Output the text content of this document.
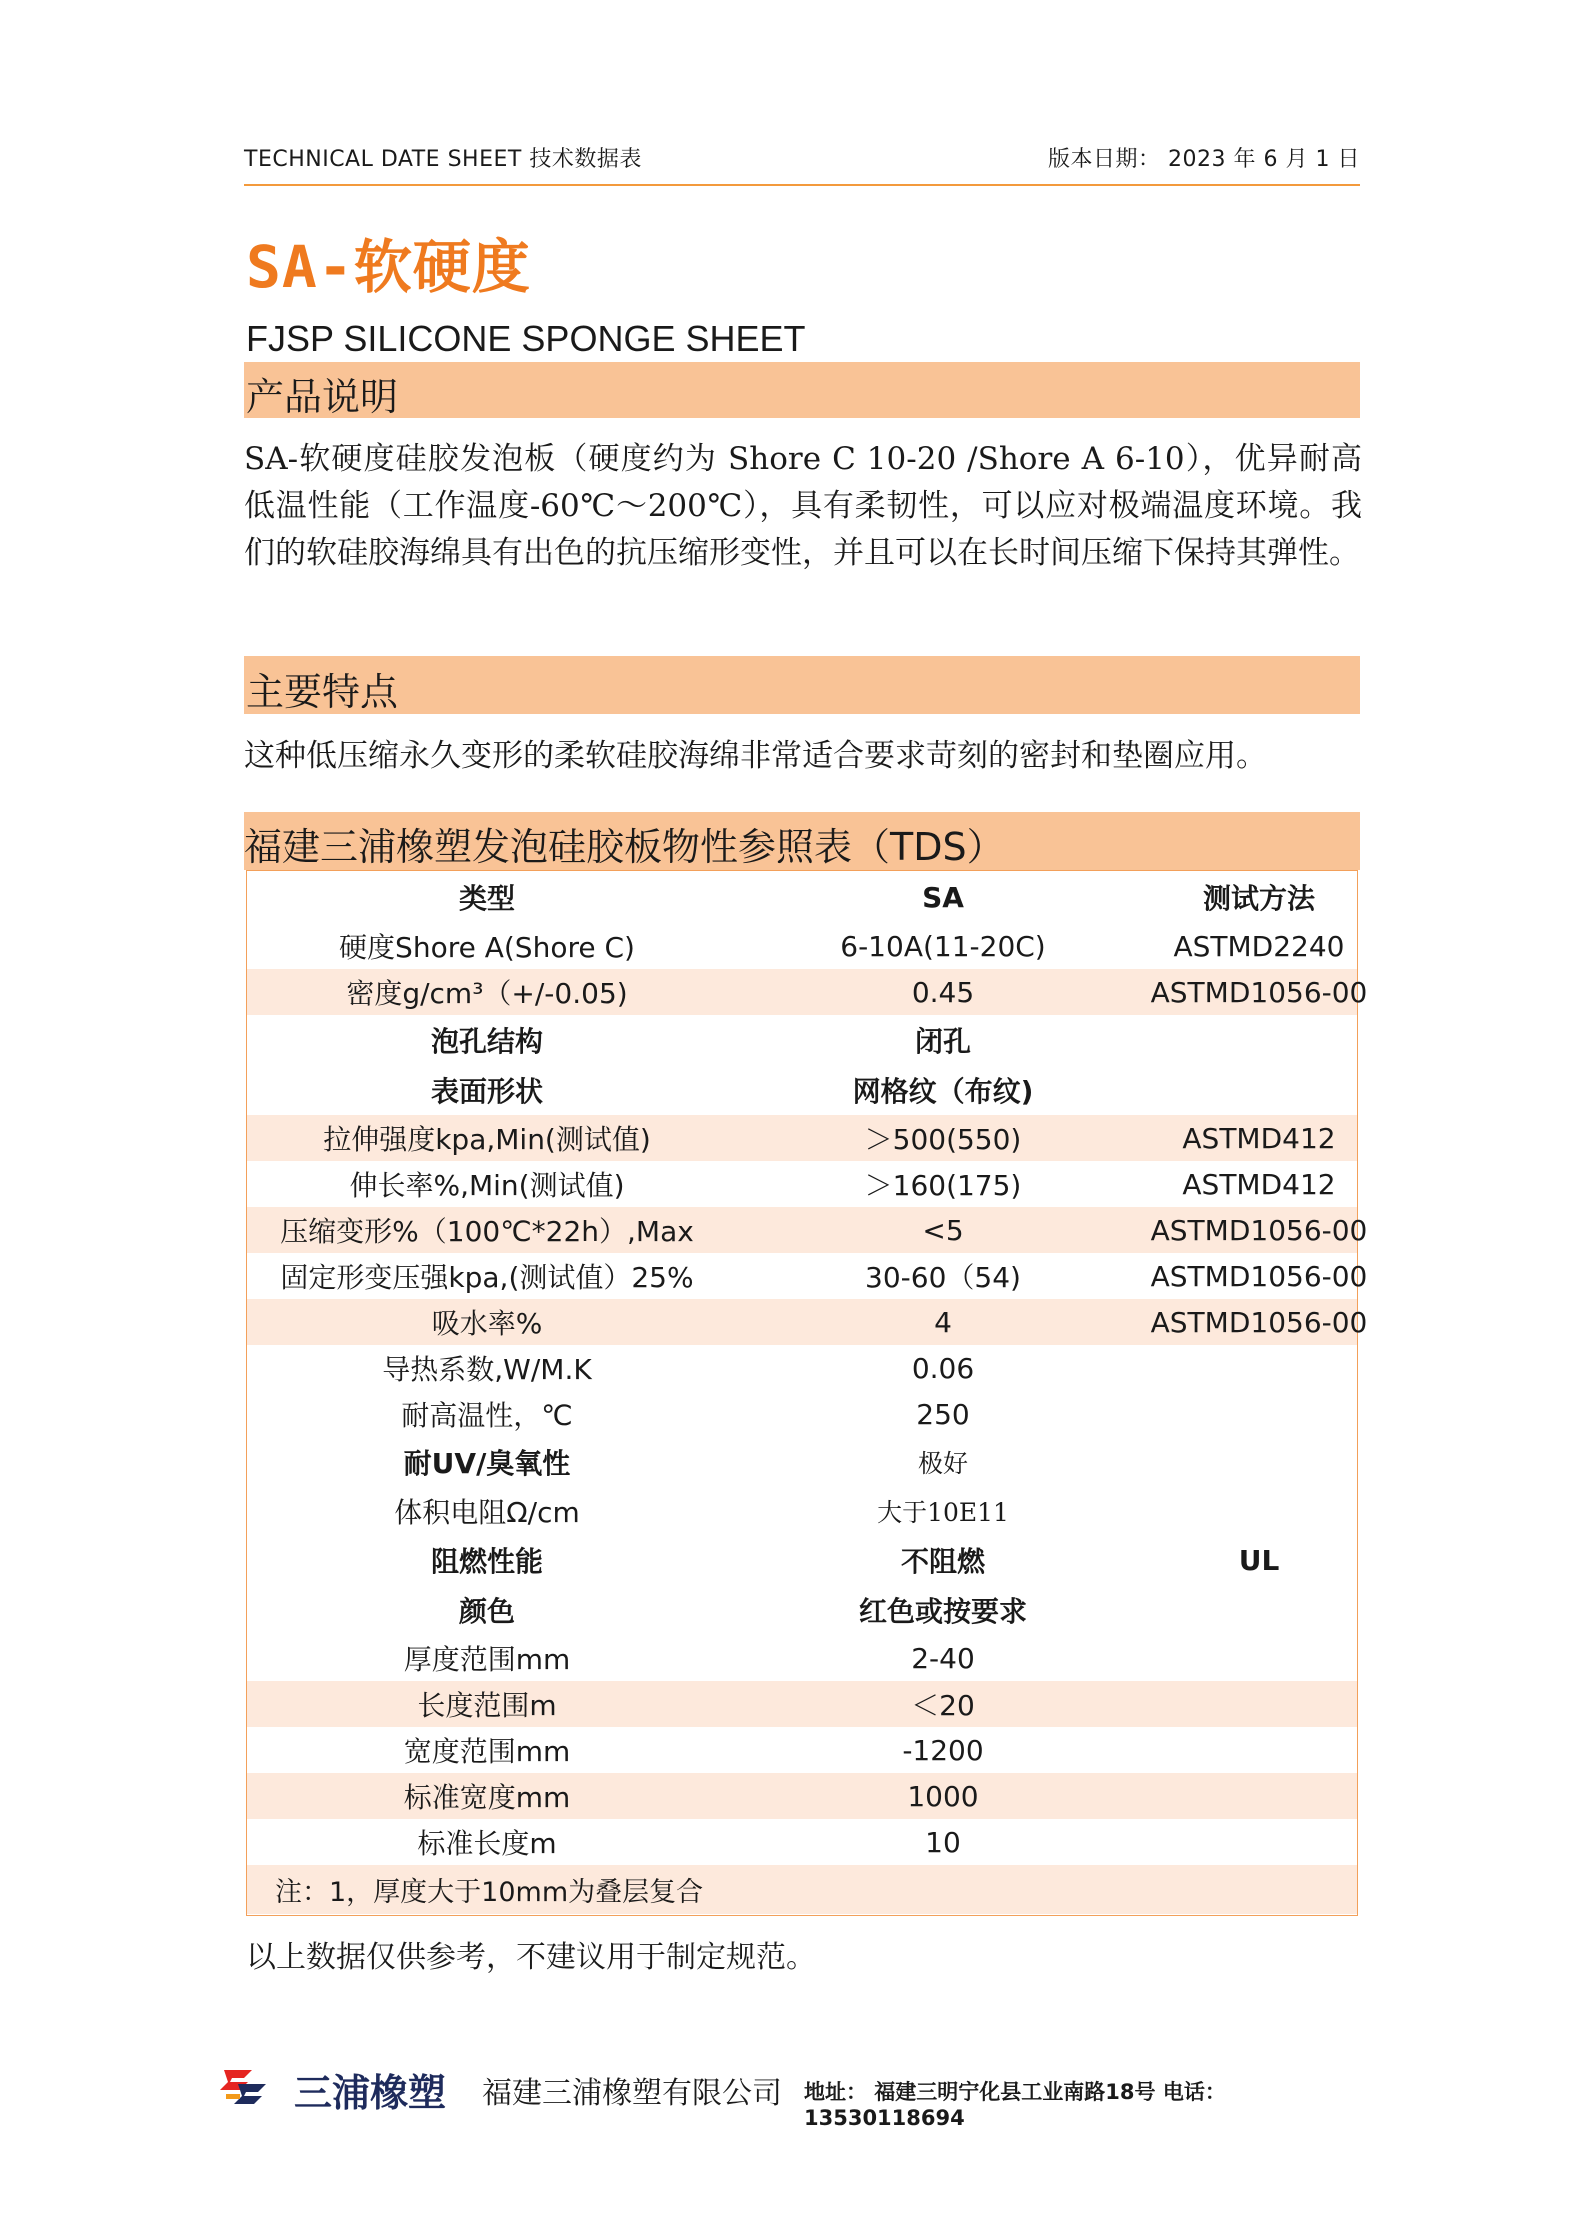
TECHNICAL DATE SHEET 技术数据表	版本日期： 2023 年 6 月 1 日
SA-软硬度
FJSP SILICONE SPONGE SHEET
产品说明
SA-软硬度硅胶发泡板（硬度约为 Shore C 10-20 /Shore A 6-10），优异耐高低温性能（工作温度-60℃～200℃），具有柔韧性，可以应对极端温度环境。我们的软硅胶海绵具有出色的抗压缩形变性，并且可以在长时间压缩下保持其弹性。
主要特点
这种低压缩永久变形的柔软硅胶海绵非常适合要求苛刻的密封和垫圈应用。
福建三浦橡塑发泡硅胶板物性参照表（TDS）
类型	SA	测试方法
硬度Shore A(Shore C)	6-10A(11-20C)	ASTMD2240
密度g/cm³（+/-0.05)	0.45	ASTMD1056-00
泡孔结构	闭孔
表面形状	网格纹（布纹)
拉伸强度kpa,Min(测试值)	＞500(550)	ASTMD412
伸长率%,Min(测试值)	＞160(175)	ASTMD412
压缩变形%（100℃*22h）,Max	<5	ASTMD1056-00
固定形变压强kpa,(测试值）25%	30-60（54)	ASTMD1056-00
吸水率%	4	ASTMD1056-00
导热系数,W/M.K	0.06
耐高温性，℃	250
耐UV/臭氧性	极好
体积电阻Ω/cm	大于10E11
阻燃性能	不阻燃	UL
颜色	红色或按要求
厚度范围mm	2-40
长度范围m	＜20
宽度范围mm	-1200
标准宽度mm	1000
标准长度m	10
注：1，厚度大于10mm为叠层复合
以上数据仅供参考，不建议用于制定规范。
三浦橡塑 福建三浦橡塑有限公司 地址： 福建三明宁化县工业南路18号 电话： 13530118694
